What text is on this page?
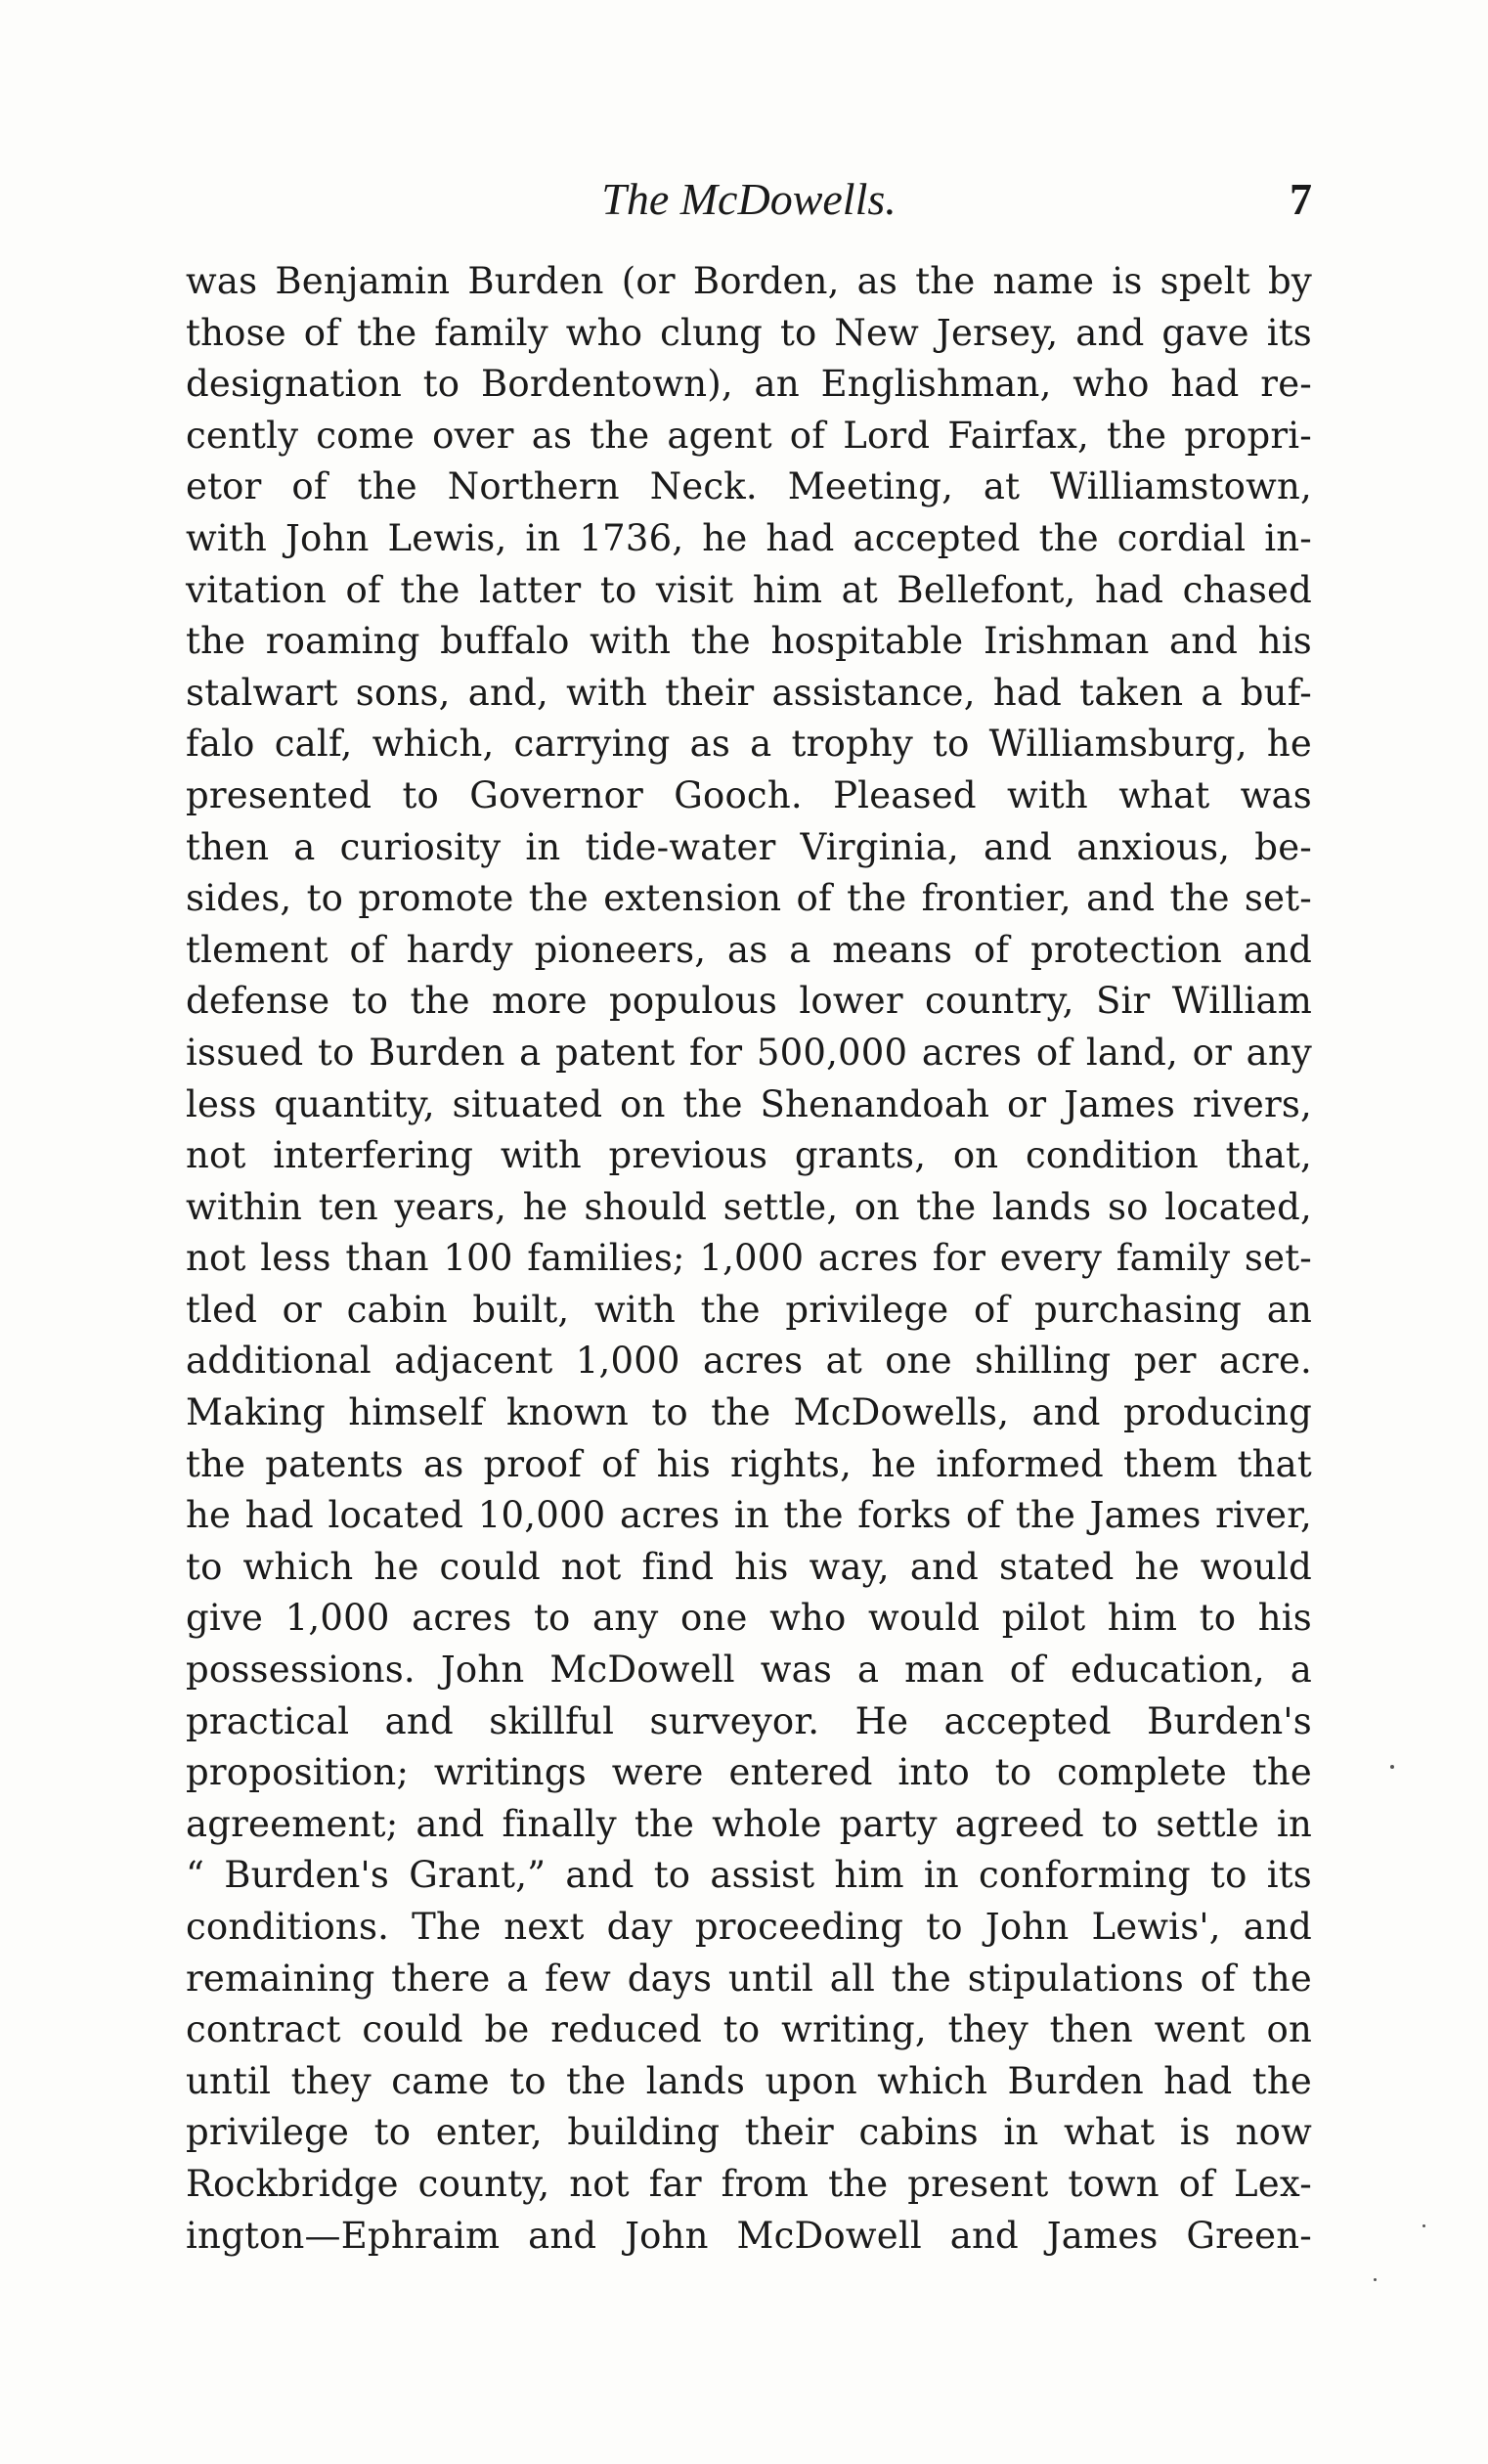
The McDowells.	7
was Benjamin Burden (or Borden, as the name is spelt by
those of the family who clung to New Jersey, and gave its
designation to Bordentown), an Englishman, who had re-
cently come over as the agent of Lord Fairfax, the propri-
etor of the Northern Neck. Meeting, at Williamstown,
with John Lewis, in 1736, he had accepted the cordial in-
vitation of the latter to visit him at Bellefont, had chased
the roaming buffalo with the hospitable Irishman and his
stalwart sons, and, with their assistance, had taken a buf-
falo calf, which, carrying as a trophy to Williamsburg, he
presented to Governor Gooch. Pleased with what was
then a curiosity in tide-water Virginia, and anxious, be-
sides, to promote the extension of the frontier, and the set-
tlement of hardy pioneers, as a means of protection and
defense to the more populous lower country, Sir William
issued to Burden a patent for 500,000 acres of land, or any
less quantity, situated on the Shenandoah or James rivers,
not interfering with previous grants, on condition that,
within ten years, he should settle, on the lands so located,
not less than 100 families; 1,000 acres for every family set-
tled or cabin built, with the privilege of purchasing an
additional adjacent 1,000 acres at one shilling per acre.
Making himself known to the McDowells, and producing
the patents as proof of his rights, he informed them that
he had located 10,000 acres in the forks of the James river,
to which he could not find his way, and stated he would
give 1,000 acres to any one who would pilot him to his
possessions. John McDowell was a man of education, a
practical and skillful surveyor. He accepted Burden's
proposition; writings were entered into to complete the
agreement; and finally the whole party agreed to settle in
“ Burden's Grant,” and to assist him in conforming to its
conditions. The next day proceeding to John Lewis', and
remaining there a few days until all the stipulations of the
contract could be reduced to writing, they then went on
until they came to the lands upon which Burden had the
privilege to enter, building their cabins in what is now
Rockbridge county, not far from the present town of Lex-
ington—Ephraim and John McDowell and James Green-
